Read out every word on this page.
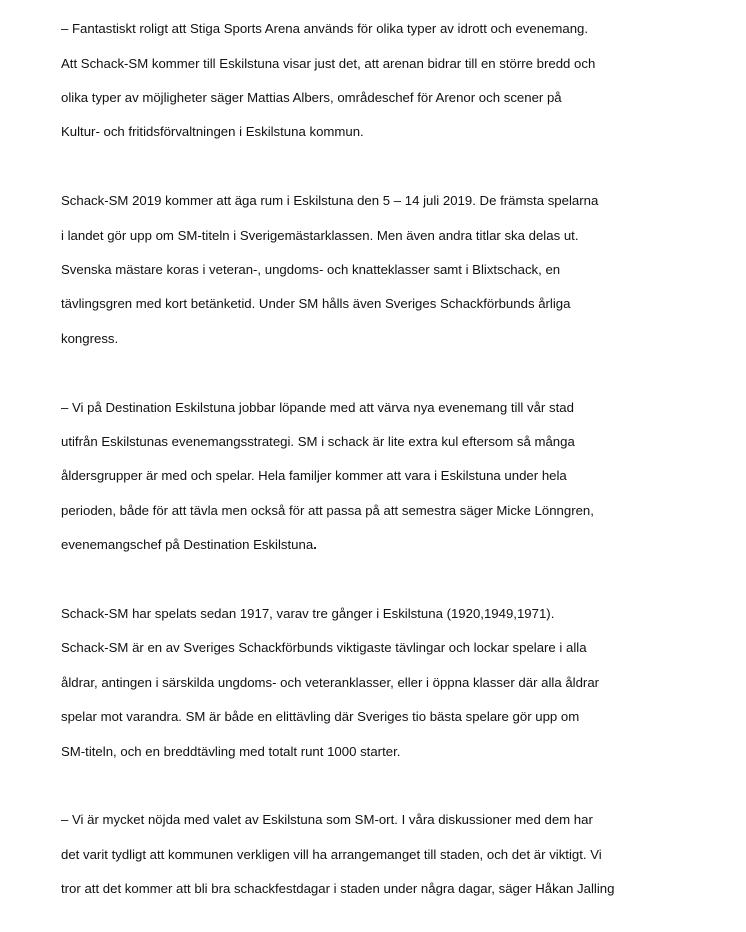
– Fantastiskt roligt att Stiga Sports Arena används för olika typer av idrott och evenemang.

Att Schack-SM kommer till Eskilstuna visar just det, att arenan bidrar till en större bredd och

olika typer av möjligheter säger Mattias Albers, områdeschef för Arenor och scener på

Kultur- och fritidsförvaltningen i Eskilstuna kommun.

Schack-SM 2019 kommer att äga rum i Eskilstuna den 5 – 14 juli 2019. De främsta spelarna

i landet gör upp om SM-titeln i Sverigemästarklassen. Men även andra titlar ska delas ut.

Svenska mästare koras i veteran-, ungdoms- och knatteklasser samt i Blixtschack, en

tävlingsgren med kort betänketid. Under SM hålls även Sveriges Schackförbunds årliga

kongress.

– Vi på Destination Eskilstuna jobbar löpande med att värva nya evenemang till vår stad

utifrån Eskilstunas evenemangsstrategi. SM i schack är lite extra kul eftersom så många

åldersgrupper är med och spelar. Hela familjer kommer att vara i Eskilstuna under hela

perioden, både för att tävla men också för att passa på att semestra säger Micke Lönngren,

evenemangschef på Destination Eskilstuna.

Schack-SM har spelats sedan 1917, varav tre gånger i Eskilstuna (1920,1949,1971).

Schack-SM är en av Sveriges Schackförbunds viktigaste tävlingar och lockar spelare i alla

åldrar, antingen i särskilda ungdoms- och veteranklasser, eller i öppna klasser där alla åldrar

spelar mot varandra. SM är både en elittävling där Sveriges tio bästa spelare gör upp om

SM-titeln, och en breddtävling med totalt runt 1000 starter.

– Vi är mycket nöjda med valet av Eskilstuna som SM-ort. I våra diskussioner med dem har

det varit tydligt att kommunen verkligen vill ha arrangemanget till staden, och det är viktigt. Vi

tror att det kommer att bli bra schackfestdagar i staden under några dagar, säger Håkan Jalling
